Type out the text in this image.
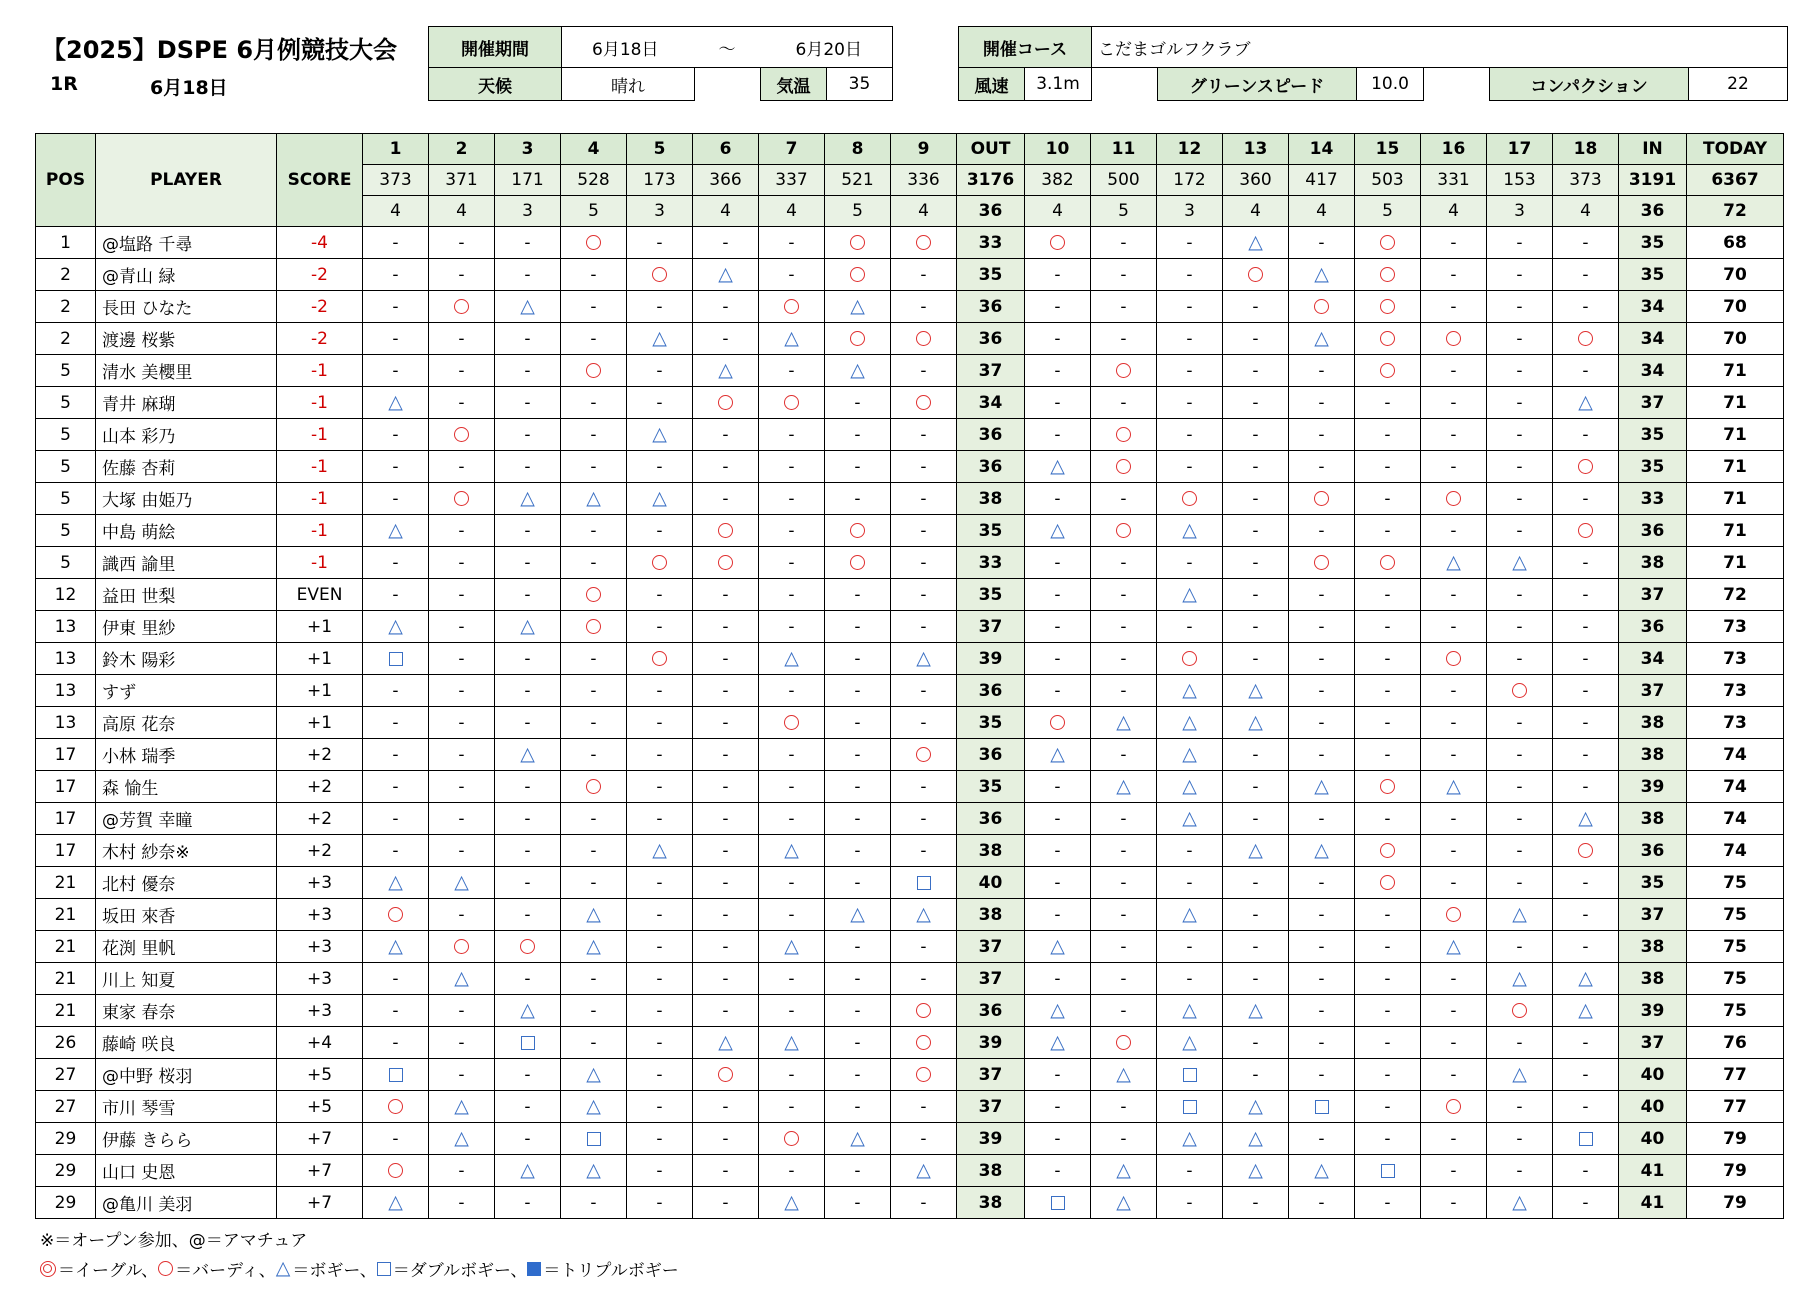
【2025】DSPE 6月例競技大会
1R	6月18日
開催期間	6月18日	〜	6月20日	開催コース	こだまゴルフクラブ
天候	晴れ	気温	35	風速	3.1m	グリーンスピード	10.0	コンパクション	22
POS	PLAYER	SCORE	1	2	3	4	5	6	7	8	9	OUT	10	11	12	13	14	15	16	17	18	IN	TODAY
			373	371	171	528	173	366	337	521	336	3176	382	500	172	360	417	503	331	153	373	3191	6367
			4	4	3	5	3	4	4	5	4	36	4	5	3	4	4	5	4	3	4	36	72
1	@塩路 千尋	-4	-	-	-		-	-	-			33		-	-	△	-		-	-	-	35	68
2	@青山 緑	-2	-	-	-	-		△	-		-	35	-	-	-		△		-	-	-	35	70
2	長田 ひなた	-2	-		△	-	-	-		△	-	36	-	-	-	-			-	-	-	34	70
2	渡邊 桜紫	-2	-	-	-	-	△	-	△			36	-	-	-	-	△			-		34	70
5	清水 美櫻里	-1	-	-	-		-	△	-	△	-	37	-		-	-	-		-	-	-	34	71
5	青井 麻瑚	-1	△	-	-	-	-			-		34	-	-	-	-	-	-	-	-	△	37	71
5	山本 彩乃	-1	-		-	-	△	-	-	-	-	36	-		-	-	-	-	-	-	-	35	71
5	佐藤 杏莉	-1	-	-	-	-	-	-	-	-	-	36	△		-	-	-	-	-	-		35	71
5	大塚 由姫乃	-1	-		△	△	△	-	-	-	-	38	-	-		-		-		-	-	33	71
5	中島 萌絵	-1	△	-	-	-	-		-		-	35	△		△	-	-	-	-	-		36	71
5	識西 諭里	-1	-	-	-	-			-		-	33	-	-	-	-			△	△	-	38	71
12	益田 世梨	EVEN	-	-	-		-	-	-	-	-	35	-	-	△	-	-	-	-	-	-	37	72
13	伊東 里紗	+1	△	-	△		-	-	-	-	-	37	-	-	-	-	-	-	-	-	-	36	73
13	鈴木 陽彩	+1		-	-	-		-	△	-	△	39	-	-		-	-	-		-	-	34	73
13	すず	+1	-	-	-	-	-	-	-	-	-	36	-	-	△	△	-	-	-		-	37	73
13	高原 花奈	+1	-	-	-	-	-	-		-	-	35		△	△	△	-	-	-	-	-	38	73
17	小林 瑞季	+2	-	-	△	-	-	-	-	-		36	△	-	△	-	-	-	-	-	-	38	74
17	森 愉生	+2	-	-	-		-	-	-	-	-	35	-	△	△	-	△		△	-	-	39	74
17	@芳賀 幸瞳	+2	-	-	-	-	-	-	-	-	-	36	-	-	△	-	-	-	-	-	△	38	74
17	木村 紗奈※	+2	-	-	-	-	△	-	△	-	-	38	-	-	-	△	△		-	-		36	74
21	北村 優奈	+3	△	△	-	-	-	-	-	-		40	-	-	-	-	-		-	-	-	35	75
21	坂田 來香	+3		-	-	△	-	-	-	△	△	38	-	-	△	-	-	-		△	-	37	75
21	花渕 里帆	+3	△			△	-	-	△	-	-	37	△	-	-	-	-	-	△	-	-	38	75
21	川上 知夏	+3	-	△	-	-	-	-	-	-	-	37	-	-	-	-	-	-	-	△	△	38	75
21	東家 春奈	+3	-	-	△	-	-	-	-	-		36	△	-	△	△	-	-	-		△	39	75
26	藤崎 咲良	+4	-	-		-	-	△	△	-		39	△		△	-	-	-	-	-	-	37	76
27	@中野 桜羽	+5		-	-	△	-		-	-		37	-	△		-	-	-	-	△	-	40	77
27	市川 琴雪	+5		△	-	△	-	-	-	-	-	37	-	-		△		-		-	-	40	77
29	伊藤 きらら	+7	-	△	-		-	-		△	-	39	-	-	△	△	-	-	-	-		40	79
29	山口 史恩	+7		-	△	△	-	-	-	-	△	38	-	△	-	△	△		-	-	-	41	79
29	@亀川 美羽	+7	△	-	-	-	-	-	△	-	-	38		△	-	-	-	-	-	△	-	41	79
※＝オープン参加、@＝アマチュア
＝イーグル、 ＝バーディ、 △ ＝ボギー、 ＝ダブルボギー、 ＝トリプルボギー
